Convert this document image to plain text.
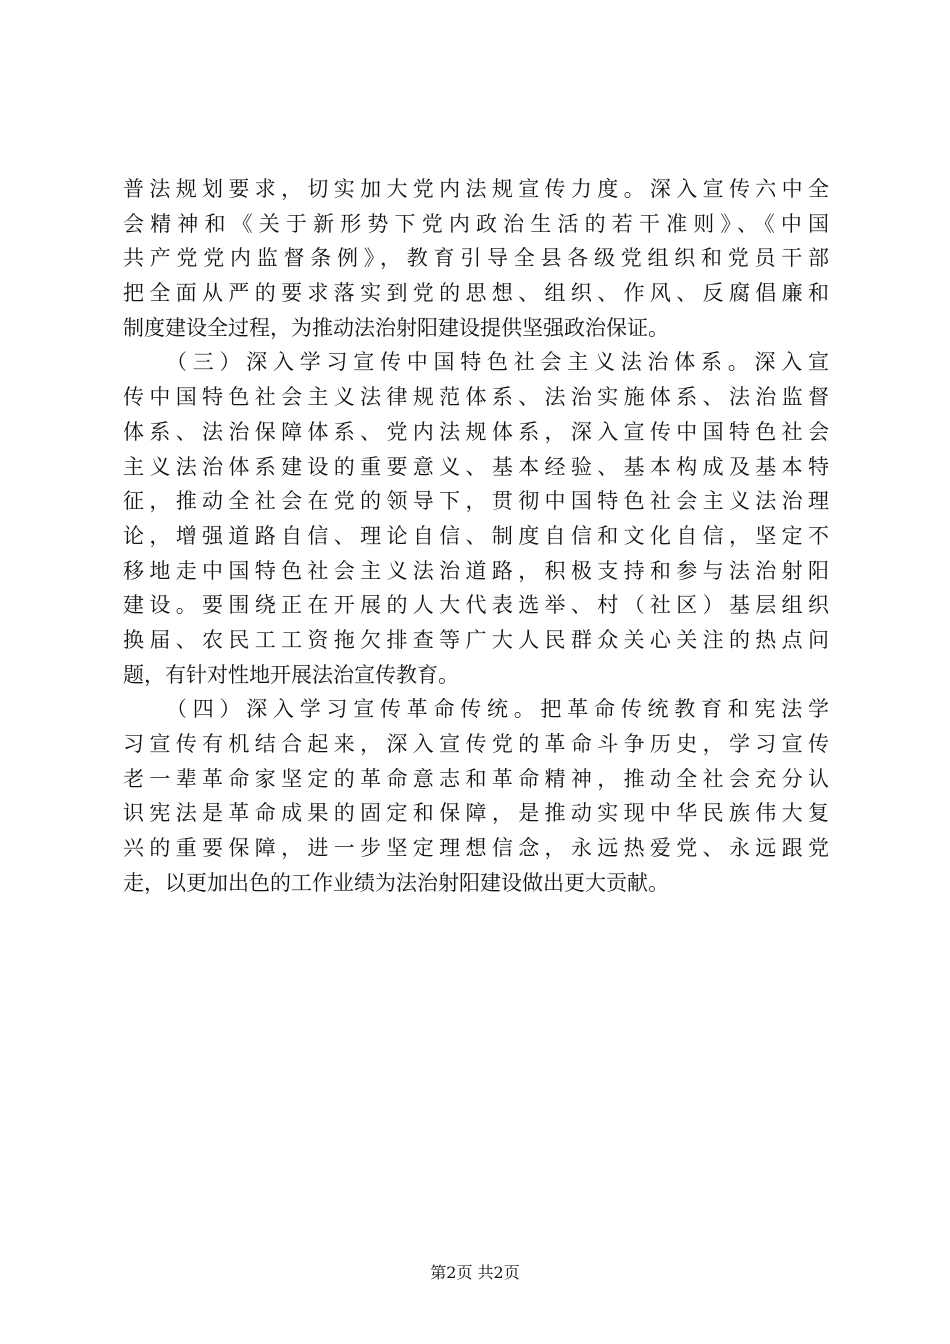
普法规划要求，切实加大党内法规宣传力度。深入宣传六中全
会精神和《关于新形势下党内政治生活的若干准则》、《中国
共产党党内监督条例》，教育引导全县各级党组织和党员干部
把全面从严的要求落实到党的思想、组织、作风、反腐倡廉和
制度建设全过程，为推动法治射阳建设提供坚强政治保证。
　　（三）深入学习宣传中国特色社会主义法治体系。深入宣
传中国特色社会主义法律规范体系、法治实施体系、法治监督
体系、法治保障体系、党内法规体系，深入宣传中国特色社会
主义法治体系建设的重要意义、基本经验、基本构成及基本特
征，推动全社会在党的领导下，贯彻中国特色社会主义法治理
论，增强道路自信、理论自信、制度自信和文化自信，坚定不
移地走中国特色社会主义法治道路，积极支持和参与法治射阳
建设。要围绕正在开展的人大代表选举、村（社区）基层组织
换届、农民工工资拖欠排查等广大人民群众关心关注的热点问
题，有针对性地开展法治宣传教育。
　　（四）深入学习宣传革命传统。把革命传统教育和宪法学
习宣传有机结合起来，深入宣传党的革命斗争历史，学习宣传
老一辈革命家坚定的革命意志和革命精神，推动全社会充分认
识宪法是革命成果的固定和保障，是推动实现中华民族伟大复
兴的重要保障，进一步坚定理想信念，永远热爱党、永远跟党
走，以更加出色的工作业绩为法治射阳建设做出更大贡献。
第2页 共2页
